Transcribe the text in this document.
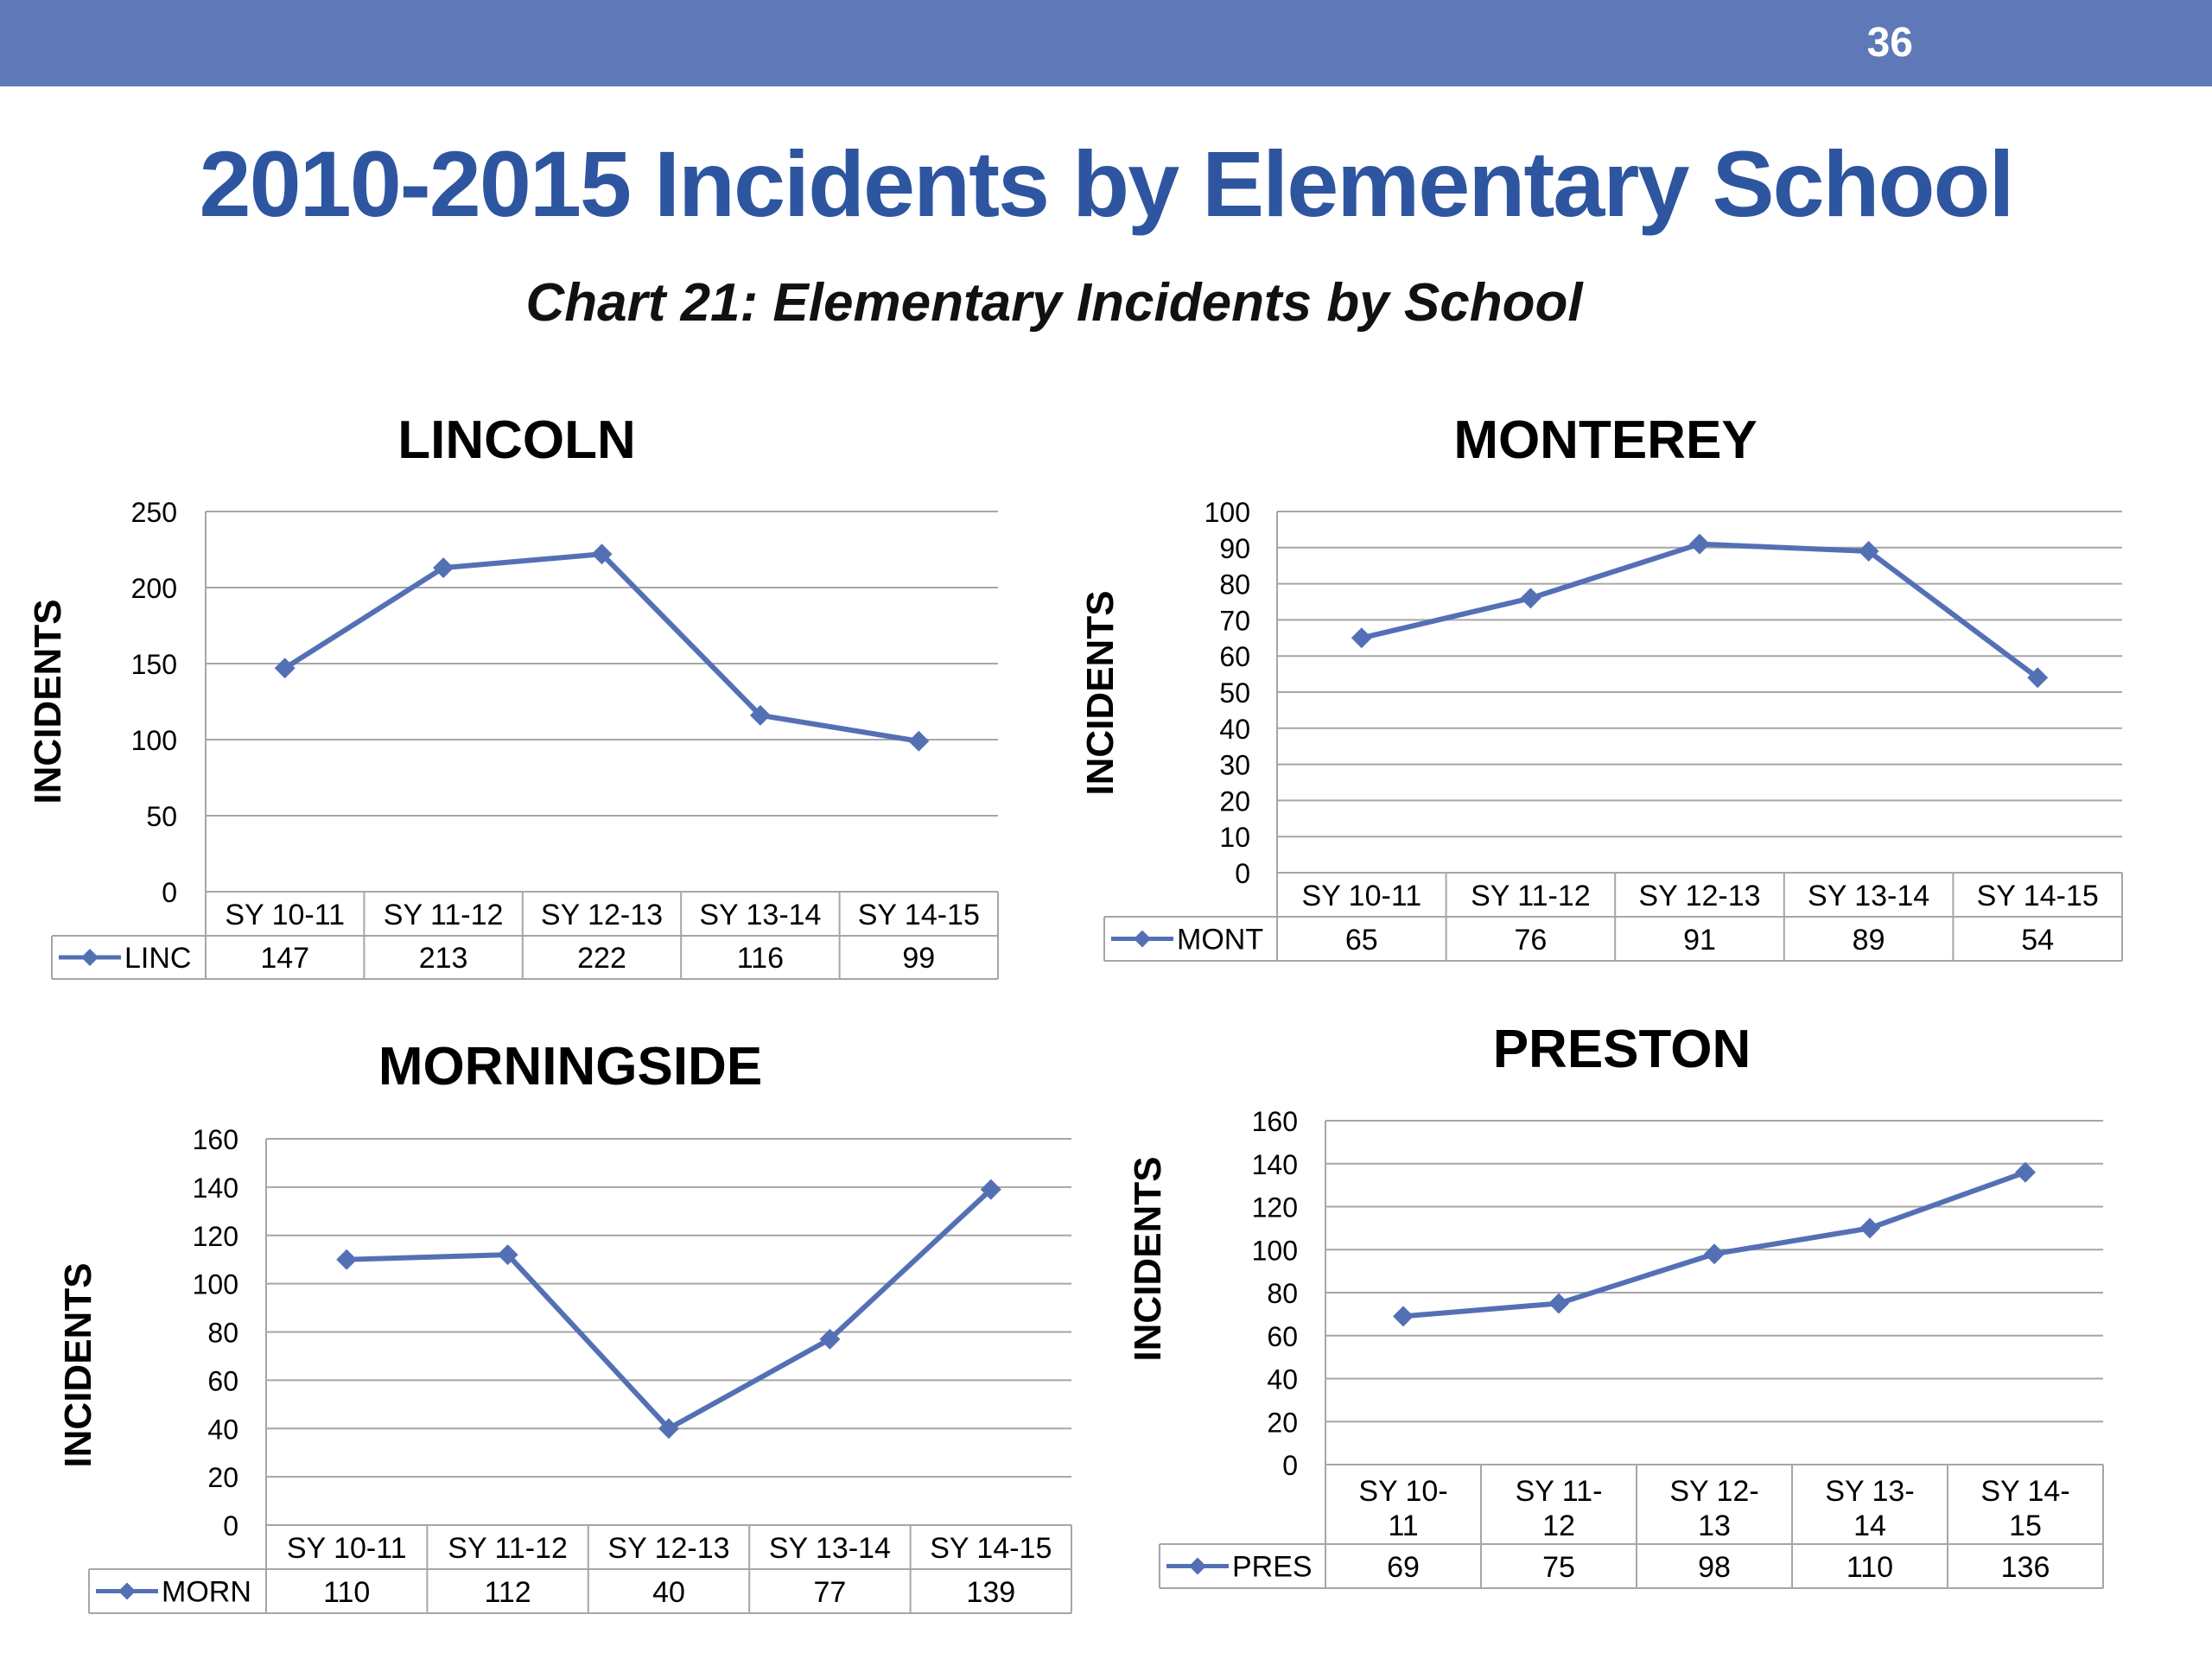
36
2010-2015 Incidents by Elementary School
Chart 21: Elementary Incidents by School
LINCOLN
INCIDENTS
0
50
100
150
200
250
SY 10-11 SY 11-12 SY 12-13 SY 13-14 SY 14-15
LINC 147	213	222	116	99
MONTEREY
INCIDENTS
0
10
20
30
40
50
60
70
80
90
100
SY 10-11 SY 11-12 SY 12-13 SY 13-14 SY 14-15
MONT	65	76	91	89	54
MORNINGSIDE
INCIDENTS
0
20
40
60
80
100
120
140
160
SY 10-11 SY 11-12 SY 12-13 SY 13-14 SY 14-15
MORN 110	112	40	77	139
PRESTON
INCIDENTS
0
20
40
60
80
100
120
140
160
SY 10-
11
SY 11-
12
SY 12-
13
SY 13-
14
SY 14-
15
PRES	69	75	98	110	136
